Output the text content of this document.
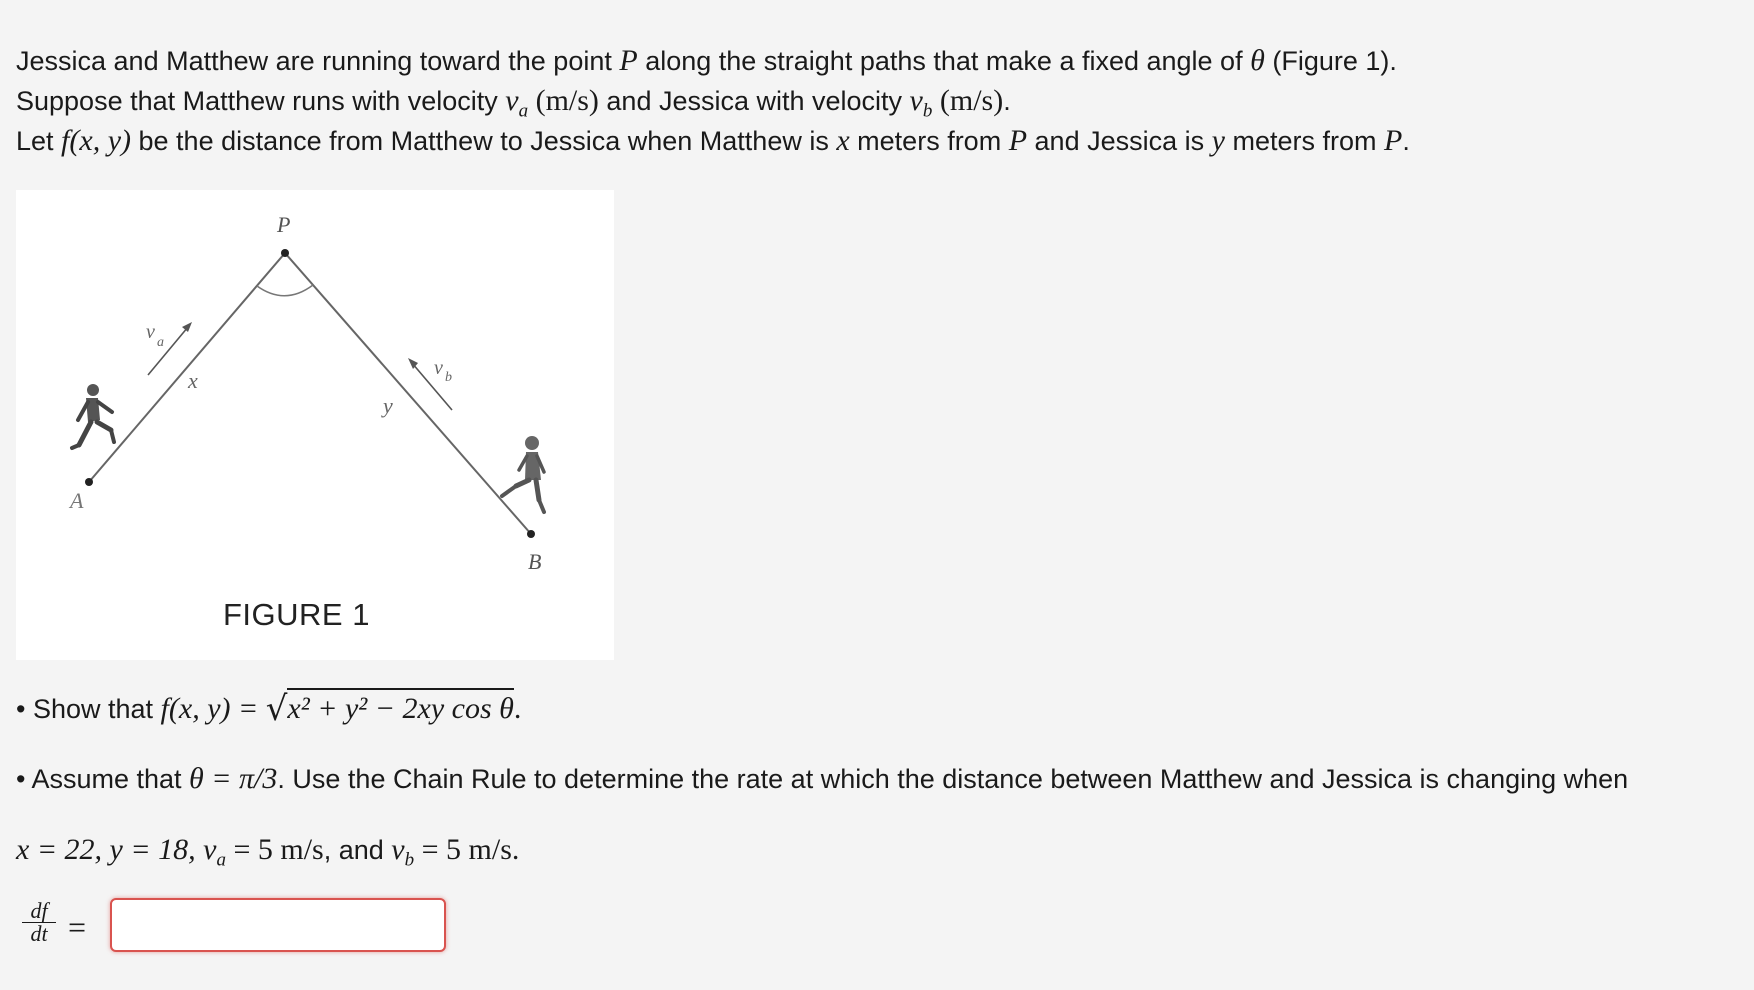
Jessica and Matthew are running toward the point P along the straight paths that make a fixed angle of θ (Figure 1).
Suppose that Matthew runs with velocity $v_a$ (m/s) and Jessica with velocity $v_b$ (m/s).
Let f(x, y) be the distance from Matthew to Jessica when Matthew is x meters from P and Jessica is y meters from P.
P
A
B
x
y
v a
v b
FIGURE 1
• Show that f(x, y) = √x² + y² − 2xy cos θ.
• Assume that θ = π/3. Use the Chain Rule to determine the rate at which the distance between Matthew and Jessica is changing when
x = 22, y = 18, $v_a = 5$ m/s, and $v_b = 5$ m/s.
$\frac{df}{dt}$ =
